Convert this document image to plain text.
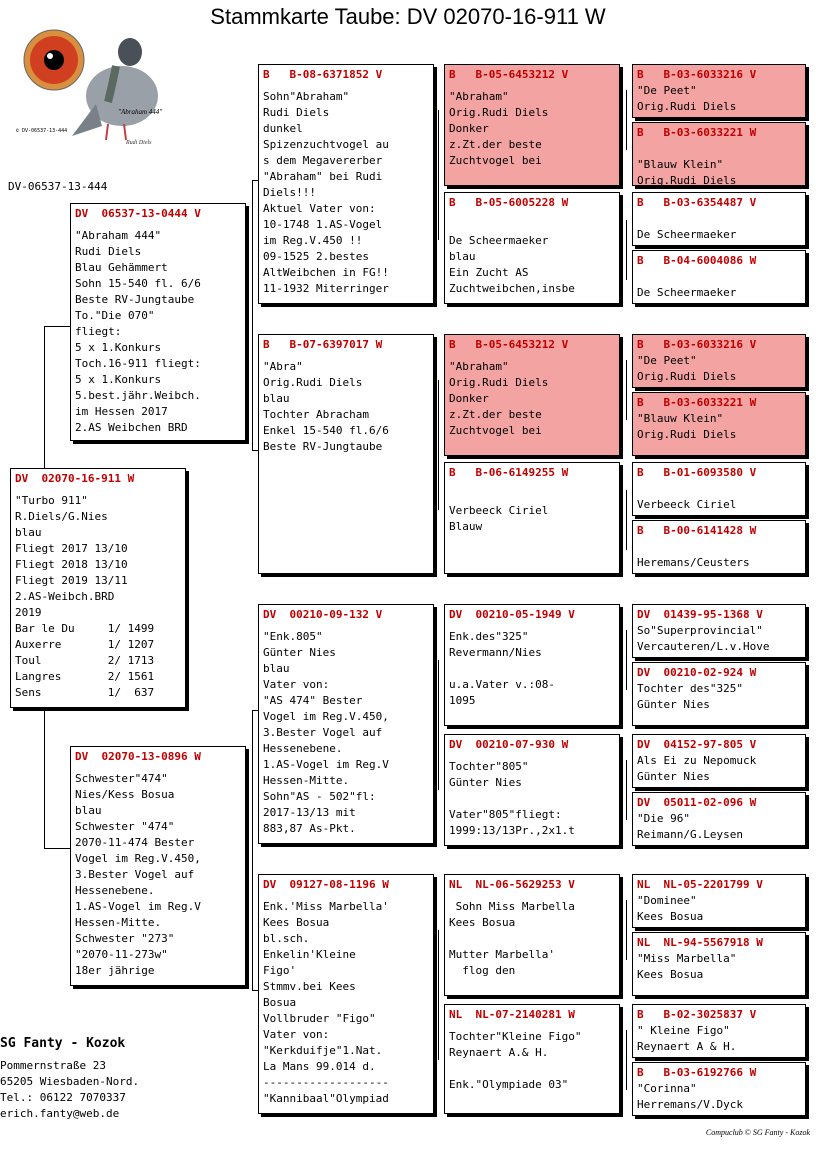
Stammkarte Taube: DV 02070-16-911 W
"Abraham 444"
© DV-06537-13-444
Rudi Diels
DV-06537-13-444
DV  02070-16-911 W
"Turbo 911"
R.Diels/G.Nies
blau
Fliegt 2017 13/10
Fliegt 2018 13/10
Fliegt 2019 13/11
2.AS-Weibch.BRD
2019
Bar le Du     1/ 1499
Auxerre       1/ 1207
Toul          2/ 1713
Langres       2/ 1561
Sens          1/  637
DV  06537-13-0444 V
"Abraham 444"
Rudi Diels
Blau Gehämmert
Sohn 15-540 fl. 6/6
Beste RV-Jungtaube
To."Die 070"
fliegt:
5 x 1.Konkurs
Toch.16-911 fliegt:
5 x 1.Konkurs
5.best.jähr.Weibch.
im Hessen 2017
2.AS Weibchen BRD
DV  02070-13-0896 W
Schwester"474"
Nies/Kess Bosua
blau
Schwester "474"
2070-11-474 Bester
Vogel im Reg.V.450,
3.Bester Vogel auf
Hessenebene.
1.AS-Vogel im Reg.V
Hessen-Mitte.
Schwester "273"
"2070-11-273w"
18er jährige
B   B-08-6371852 V
Sohn"Abraham"
Rudi Diels
dunkel
Spizenzuchtvogel au
s dem Megavererber
"Abraham" bei Rudi
Diels!!!
Aktuel Vater von:
10-1748 1.AS-Vogel
im Reg.V.450 !!
09-1525 2.bestes
AltWeibchen in FG!!
11-1932 Miterringer
B   B-07-6397017 W
"Abra"
Orig.Rudi Diels
blau
Tochter Abracham
Enkel 15-540 fl.6/6
Beste RV-Jungtaube
DV  00210-09-132 V
"Enk.805"
Günter Nies
blau
Vater von:
"AS 474" Bester
Vogel im Reg.V.450,
3.Bester Vogel auf
Hessenebene.
1.AS-Vogel im Reg.V
Hessen-Mitte.
Sohn"AS - 502"fl:
2017-13/13 mit
883,87 As-Pkt.
DV  09127-08-1196 W
Enk.'Miss Marbella'
Kees Bosua
bl.sch.
Enkelin'Kleine
Figo'
Stmmv.bei Kees
Bosua
Vollbruder "Figo"
Vater von:
"Kerkduifje"1.Nat.
La Mans 99.014 d.
-------------------
"Kannibaal"Olympiad
B   B-05-6453212 V
"Abraham"
Orig.Rudi Diels
Donker
z.Zt.der beste
Zuchtvogel bei
B   B-05-6005228 W

De Scheermaeker
blau
Ein Zucht AS
Zuchtweibchen,insbe
B   B-05-6453212 V
"Abraham"
Orig.Rudi Diels
Donker
z.Zt.der beste
Zuchtvogel bei
B   B-06-6149255 W

Verbeeck Ciriel
Blauw
DV  00210-05-1949 V
Enk.des"325"
Revermann/Nies

u.a.Vater v.:08-
1095
DV  00210-07-930 W
Tochter"805"
Günter Nies

Vater"805"fliegt:
1999:13/13Pr.,2x1.t
NL  NL-06-5629253 V
Sohn Miss Marbella
Kees Bosua

Mutter Marbella'
flog den
NL  NL-07-2140281 W
Tochter"Kleine Figo"
Reynaert A.& H.

Enk."Olympiade 03"
B   B-03-6033216 V
"De Peet"
Orig.Rudi Diels
B   B-03-6033221 W

"Blauw Klein"
Orig.Rudi Diels
B   B-03-6354487 V

De Scheermaeker
B   B-04-6004086 W

De Scheermaeker
B   B-03-6033216 V
"De Peet"
Orig.Rudi Diels
B   B-03-6033221 W
"Blauw Klein"
Orig.Rudi Diels
B   B-01-6093580 V

Verbeeck Ciriel
B   B-00-6141428 W

Heremans/Ceusters
DV  01439-95-1368 V
So"Superprovincial"
Vercauteren/L.v.Hove
DV  00210-02-924 W
Tochter des"325"
Günter Nies
DV  04152-97-805 V
Als Ei zu Nepomuck
Günter Nies
DV  05011-02-096 W
"Die 96"
Reimann/G.Leysen
NL  NL-05-2201799 V
"Dominee"
Kees Bosua
NL  NL-94-5567918 W
"Miss Marbella"
Kees Bosua
B   B-02-3025837 V
" Kleine Figo"
Reynaert A & H.
B   B-03-6192766 W
"Corinna"
Herremans/V.Dyck
SG Fanty - Kozok
Pommernstraße 23
65205 Wiesbaden-Nord.
Tel.: 06122 7070337
erich.fanty@web.de
Compuclub © SG Fanty - Kozok
